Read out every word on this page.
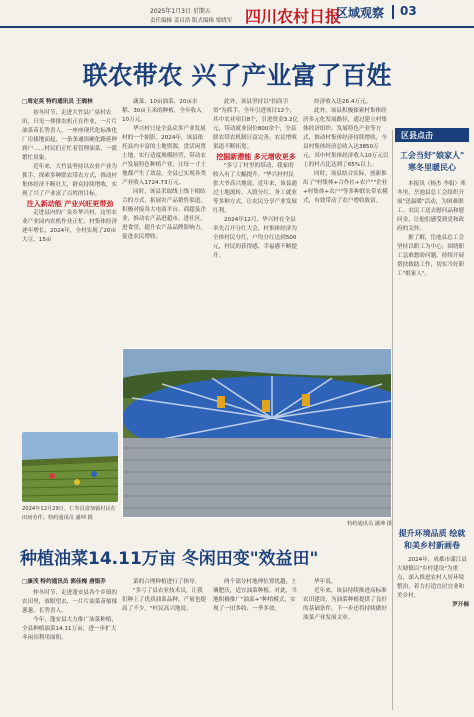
2025年1月3日 星期五
责任编辑 姜昌浩 版式编辑 梁晓军 四川农村日报
区域观察 03
联农带农 兴了产业富了百姓
□周定英 特约通讯员 王晓林

初冬时节，走进大竹县广泉村农田，只见一排排农机正在作业，一片片油菜苗长势喜人，一座座现代化标准化厂房拔地而起，一条条通组硬化路延伸到户……村民们正忙着管理油菜，一派繁忙景象。

近年来，大竹县坚持以农业产业为抓手，探索多种联农带农方式，推动村集体经济不断壮大，群众持续增收，实现了兴了产业富了百姓的目标。

注入新动能 产业兴旺更带劲

走进县内的广泉乡华兴村，这里农业产业园内农机作业正忙。村集体经济逐年增长，2024年，全村实现了20亩大豆、15亩

蔬菜、10亩油菜、20亩水稻、30亩玉米的种植，全年收入10万元。

华兴村只是全县众多产业发展村的一个缩影。2024年，该县依托县内丰富的土地资源，盘活闲置土地，实行适度规模经营，带动农户发展特色种植产业，让每一寸土地都产生了效益，全县已实现各类产业收入1724.73万元。

同时，该县采取线上线下相结合的方式，拓展农产品销售渠道，积极对接各大电商平台、商超及企业，推动农产品进超市、进社区、进食堂，提升农产品品牌影响力，促进农民增收。

此外，该县坚持以"招商引资"为抓手，全年引进项目12个，其中农业项目8个，引进资金3.2亿元，带动就业岗位800余个，全县联农带农机制日益完善，农民增收渠道不断拓宽。

挖掘新潜能 多元增收更多

"多亏了村里的带动，我家的收入有了大幅提升。"华兴村村民张大爷高兴地说。近年来，该县通过土地流转、入股分红、务工就业等多种方式，让农民分享产业发展红利。

2024年12月，华兴村在全县率先召开分红大会，村集体经济为全体村民分红，户均分红达到500元，村民的获得感、幸福感不断提升。

经济收入达26.4万元。

此外，该县积极探索村集体经济多元化发展路径，通过建立村集体经济组织、发展特色产业等方式，推动村集体经济持续增收，全县村集体经济总收入达3850万元，其中村集体经济收入10万元以上的村占比达到了65%以上。

同时，该县结合实际，创新推出了"村集体+合作社+农户""企业+村集体+农户"等多种联农带农模式，有效带动了农户增收致富。

区县点击
工会当好"娘家人" 寒冬里暖民心

本报讯（杨杰 李娟）寒冬里，岳池县总工会组织开展"送温暖"活动，为困难职工、农民工送去慰问品和慰问金，让他们感受到党和政府的关怀。

据了解，岳池县总工会坚持以职工为中心，围绕职工急难愁盼问题，持续开展帮扶救助工作，切实当好职工"娘家人"。

提升环境品质 绘就和美乡村新画卷

2024年，成都市蒲江县大塘镇以"乡村建设"为重点，深入推进农村人居环境整治，着力打造宜居宜业和美乡村。

罗开楠
2024年12月29日，仁寿县富加镇村民在田间劳作。特约通讯员 潘坤 摄
特约通讯员 潘坤 摄
种植油菜14.11万亩 冬闲田变"效益田"
□康茂 特约通讯员 郭佳梅 唐银乔

仲冬时节，走进蓬安县各个乡镇的农田里，放眼望去，一片片油菜苗郁郁葱葱，长势喜人。

今年，蓬安县大力推广油菜种植，全县种植油菜14.11万亩，进一步扩大冬闲田利用面积。

菜的合理种植进行了指导。

"多亏了县农业技术员，让我们种上了优质油菜品种，产量也提高了不少。"村民高兴地说。

两个部分村地理位置优越，土壤肥沃，适宜油菜种植。对此，当地积极推广"油菜+"种植模式，实现了一田多收、一季多效。

华年说。

近年来，该县持续推进高标准农田建设，为油菜种植提供了良好的基础条件，下一步还将持续做好油菜产业发展文章。
